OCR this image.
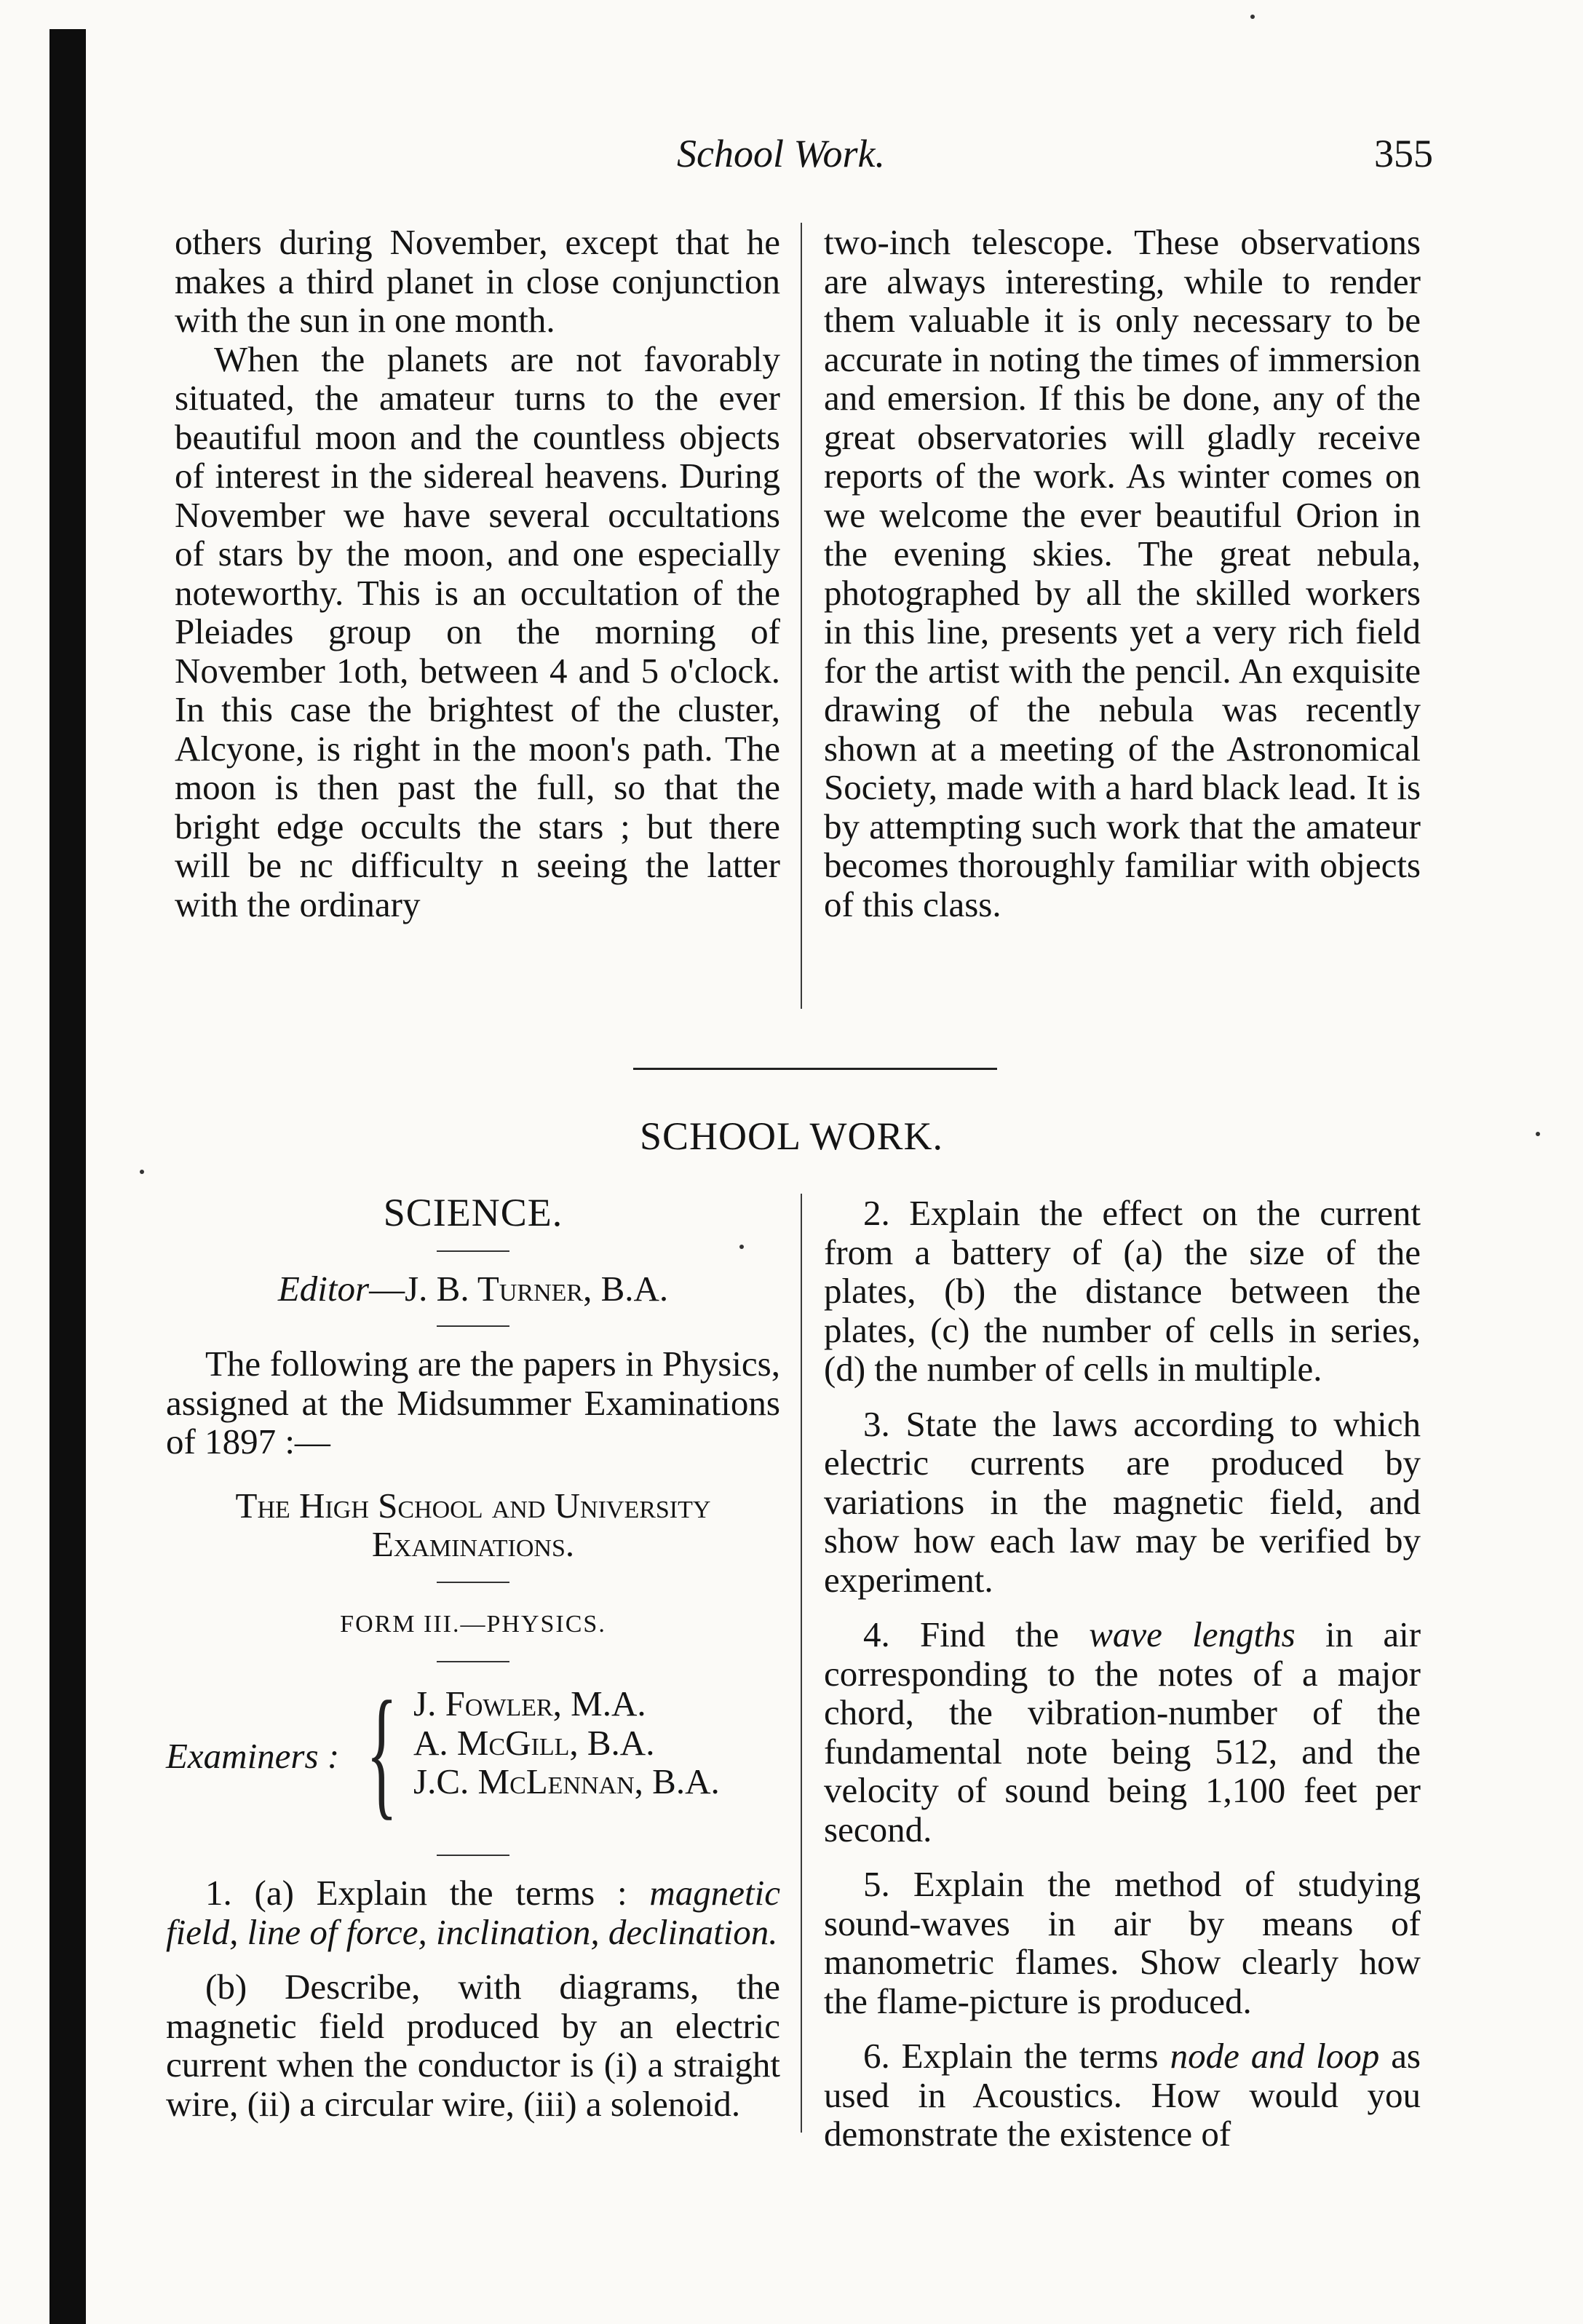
School Work.	355

others during November, except that he makes a third planet in close conjunction with the sun in one month.

When the planets are not favorably situated, the amateur turns to the ever beautiful moon and the countless objects of interest in the sidereal heavens. During November we have several occultations of stars by the moon, and one especially noteworthy. This is an occultation of the Pleiades group on the morning of November 1oth, between 4 and 5 o'clock. In this case the brightest of the cluster, Alcyone, is right in the moon's path. The moon is then past the full, so that the bright edge occults the stars ; but there will be nc difficulty n seeing the latter with the ordinary

two-inch telescope. These observations are always interesting, while to render them valuable it is only necessary to be accurate in noting the times of immersion and emersion. If this be done, any of the great observatories will gladly receive reports of the work. As winter comes on we welcome the ever beautiful Orion in the evening skies. The great nebula, photographed by all the skilled workers in this line, presents yet a very rich field for the artist with the pencil. An exquisite drawing of the nebula was recently shown at a meeting of the Astronomical Society, made with a hard black lead. It is by attempting such work that the amateur becomes thoroughly familiar with objects of this class.

SCHOOL WORK.
SCIENCE.
Editor—J. B. Turner, B.A.
The following are the papers in Physics, assigned at the Midsummer Examinations of 1897 :—
The High School and University
Examinations.
FORM III.—PHYSICS.
Examiners : { J. Fowler, M.A.
A. McGill, B.A.
J.C. McLennan, B.A.
1. (a) Explain the terms : magnetic field, line of force, inclination, declination.
(b) Describe, with diagrams, the magnetic field produced by an electric current when the conductor is (i) a straight wire, (ii) a circular wire, (iii) a solenoid.

2. Explain the effect on the current from a battery of (a) the size of the plates, (b) the distance between the plates, (c) the number of cells in series, (d) the number of cells in multiple.

3. State the laws according to which electric currents are produced by variations in the magnetic field, and show how each law may be verified by experiment.

4. Find the wave lengths in air corresponding to the notes of a major chord, the vibration-number of the fundamental note being 512, and the velocity of sound being 1,100 feet per second.

5. Explain the method of studying sound-waves in air by means of manometric flames. Show clearly how the flame-picture is produced.

6. Explain the terms node and loop as used in Acoustics. How would you demonstrate the existence of
